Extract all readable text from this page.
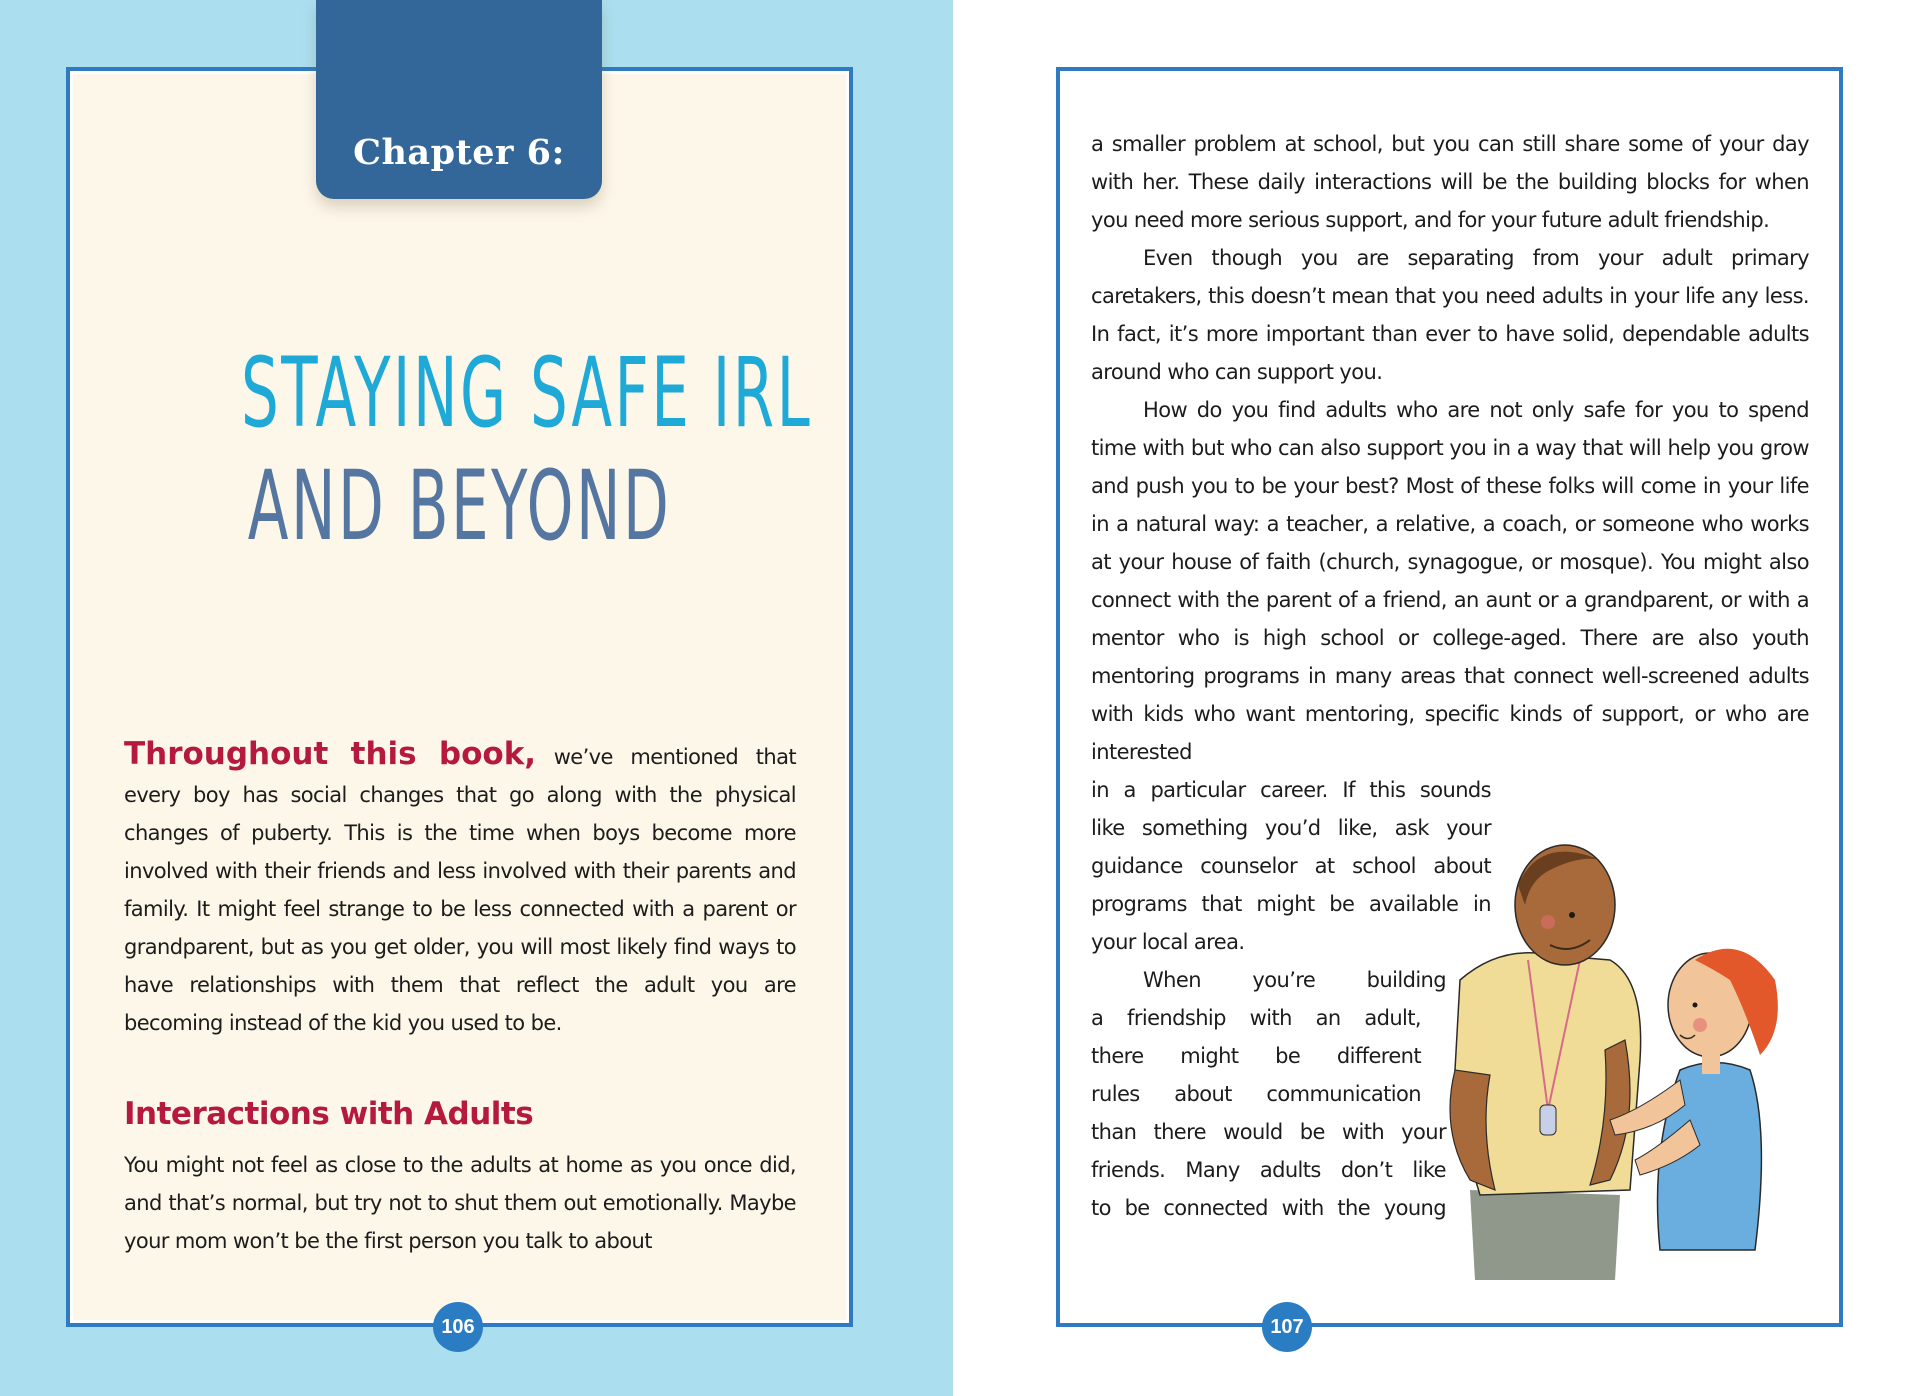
Chapter 6:
STAYING SAFE IRL
AND BEYOND

Throughout this book, we’ve mentioned that every boy has social changes that go along with the physical changes of puberty. This is the time when boys become more involved with their friends and less involved with their parents and family. It might feel strange to be less connected with a parent or grandparent, but as you get older, you will most likely find ways to have relationships with them that reflect the adult you are becoming instead of the kid you used to be.

Interactions with Adults

You might not feel as close to the adults at home as you once did, and that’s normal, but try not to shut them out emotionally. Maybe your mom won’t be the first person you talk to about

106

a smaller problem at school, but you can still share some of your day with her. These daily interactions will be the building blocks for when you need more serious support, and for your future adult friendship.

Even though you are separating from your adult primary caretakers, this doesn’t mean that you need adults in your life any less. In fact, it’s more important than ever to have solid, dependable adults around who can support you.

How do you find adults who are not only safe for you to spend time with but who can also support you in a way that will help you grow and push you to be your best? Most of these folks will come in your life in a natural way: a teacher, a relative, a coach, or someone who works at your house of faith (church, synagogue, or mosque). You might also connect with the parent of a friend, an aunt or a grandparent, or with a mentor who is high school or college-aged. There are also youth mentoring programs in many areas that connect well-screened adults with kids who want mentoring, specific kinds of support, or who are interested

in a particular career. If this sounds
like something you’d like, ask your
guidance counselor at school about
programs that might be available in
your local area.
When you’re building
a friendship with an adult,
there might be different
rules about communication
than there would be with your
friends. Many adults don’t like
to be connected with the young
107
